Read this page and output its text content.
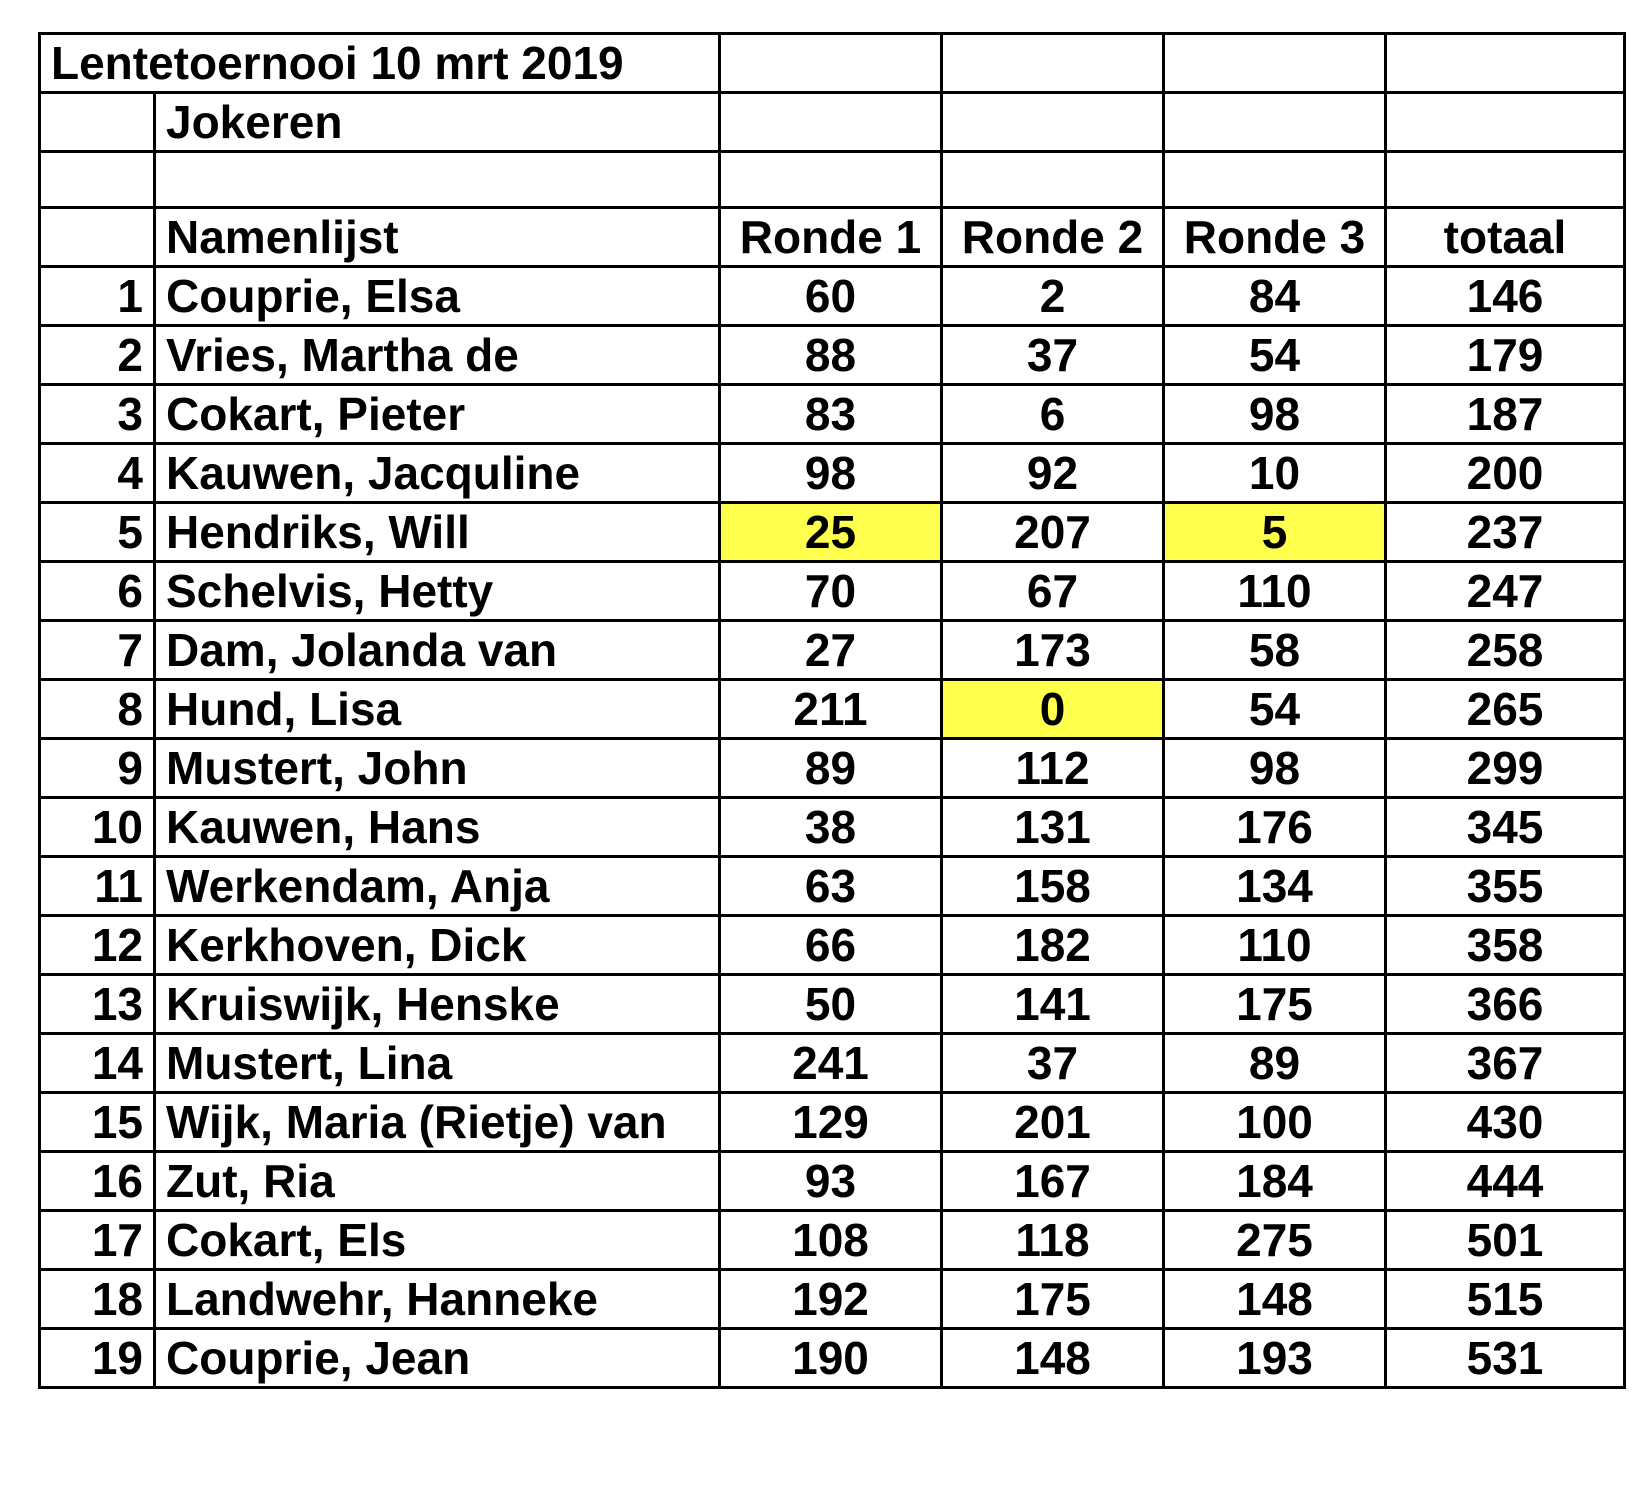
Lentetoernooi 10 mrt 2019					
	Jokeren				

	Namenlijst	Ronde 1	Ronde 2	Ronde 3	totaal
1	Couprie, Elsa	60	2	84	146
2	Vries, Martha de	88	37	54	179
3	Cokart, Pieter	83	6	98	187
4	Kauwen, Jacquline	98	92	10	200
5	Hendriks, Will	25	207	5	237
6	Schelvis, Hetty	70	67	110	247
7	Dam, Jolanda van	27	173	58	258
8	Hund, Lisa	211	0	54	265
9	Mustert, John	89	112	98	299
10	Kauwen, Hans	38	131	176	345
11	Werkendam, Anja	63	158	134	355
12	Kerkhoven, Dick	66	182	110	358
13	Kruiswijk, Henske	50	141	175	366
14	Mustert, Lina	241	37	89	367
15	Wijk, Maria (Rietje) van	129	201	100	430
16	Zut, Ria	93	167	184	444
17	Cokart, Els	108	118	275	501
18	Landwehr, Hanneke	192	175	148	515
19	Couprie, Jean	190	148	193	531
